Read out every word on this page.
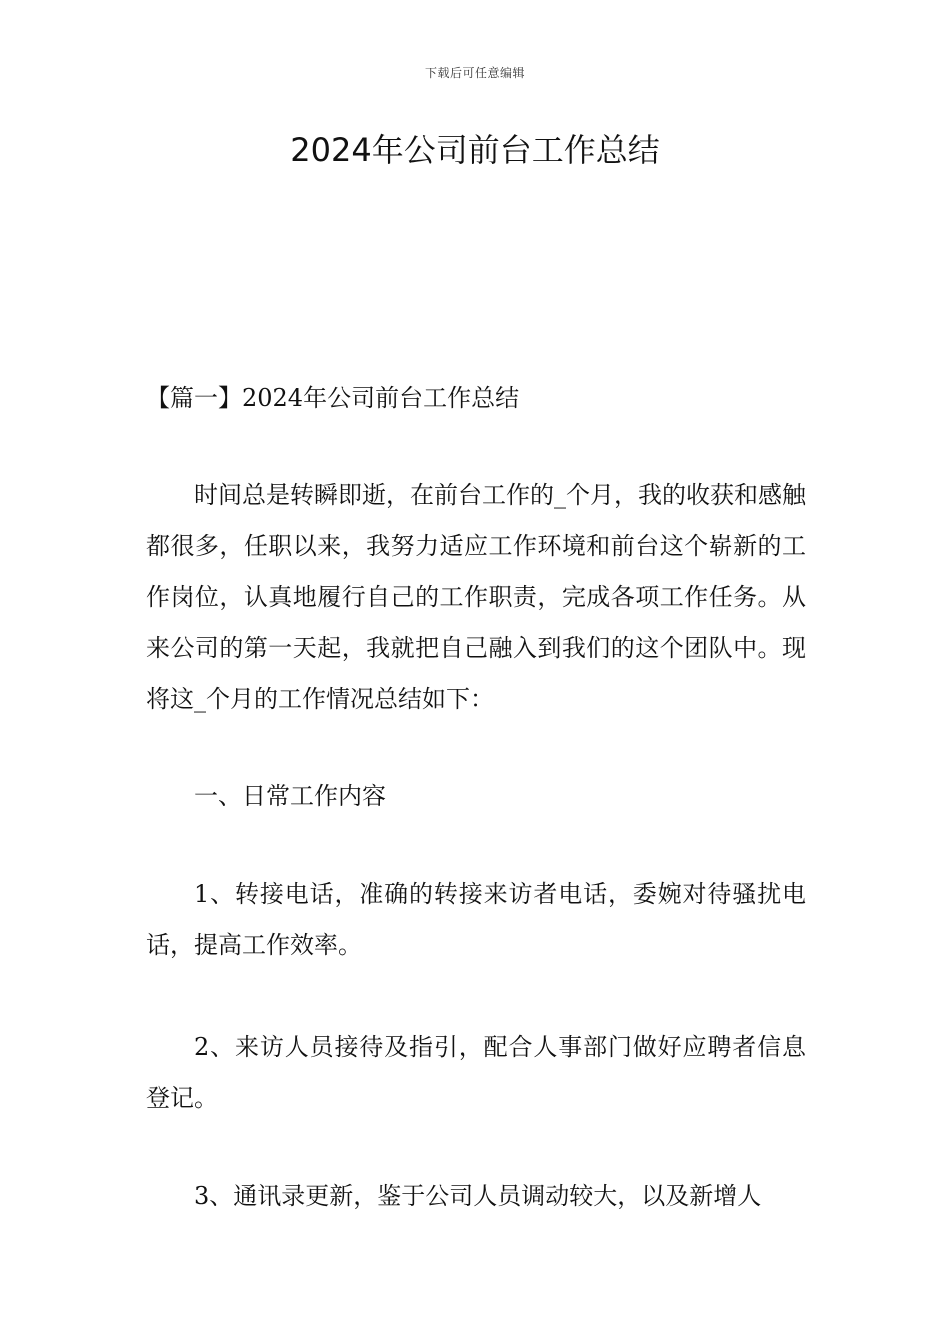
下载后可任意编辑
2024年公司前台工作总结
【篇一】2024年公司前台工作总结

时间总是转瞬即逝，在前台工作的_个月，我的收获和感触都很多，任职以来，我努力适应工作环境和前台这个崭新的工作岗位，认真地履行自己的工作职责，完成各项工作任务。从来公司的第一天起，我就把自己融入到我们的这个团队中。现将这_个月的工作情况总结如下：

一、日常工作内容

1、转接电话，准确的转接来访者电话，委婉对待骚扰电话，提高工作效率。

2、来访人员接待及指引，配合人事部门做好应聘者信息登记。

3、通讯录更新，鉴于公司人员调动较大，以及新增人
